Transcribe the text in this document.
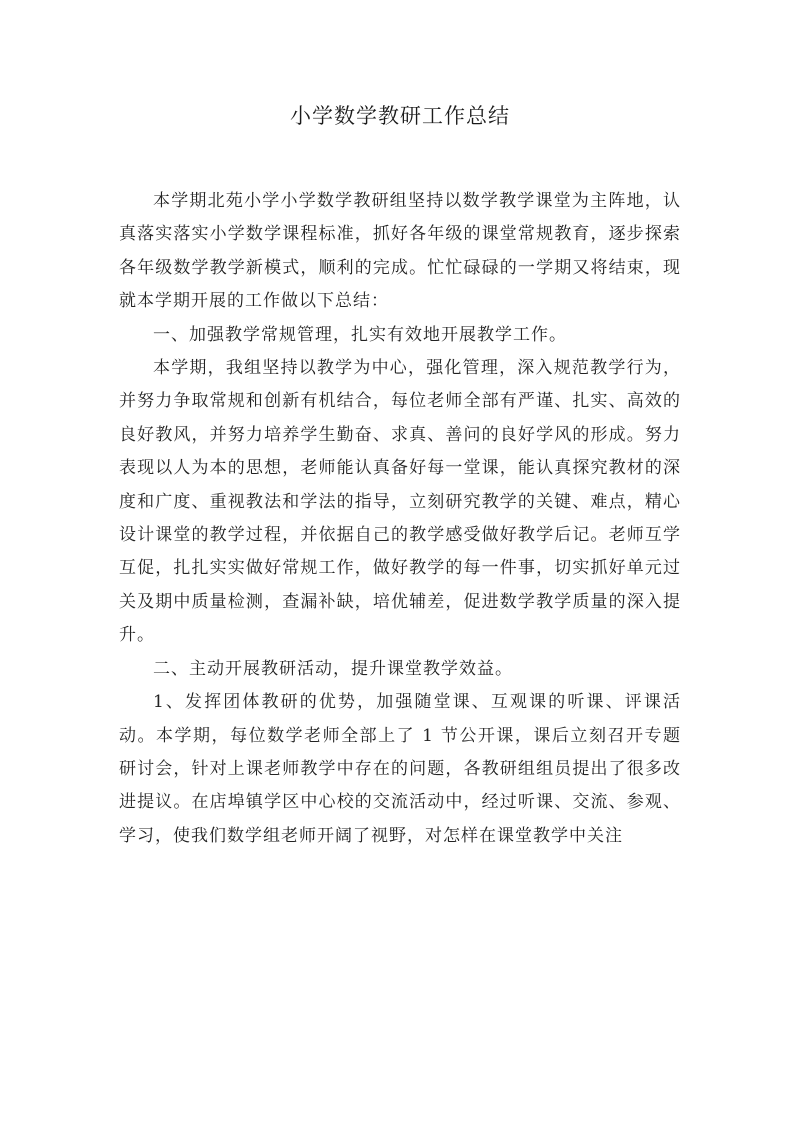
小学数学教研工作总结

本学期北苑小学小学数学教研组坚持以数学教学课堂为主阵地，认真落实落实小学数学课程标准，抓好各年级的课堂常规教育，逐步探索各年级数学教学新模式，顺利的完成。忙忙碌碌的一学期又将结束，现就本学期开展的工作做以下总结：

一、加强教学常规管理，扎实有效地开展教学工作。

本学期，我组坚持以教学为中心，强化管理，深入规范教学行为，并努力争取常规和创新有机结合，每位老师全部有严谨、扎实、高效的良好教风，并努力培养学生勤奋、求真、善问的良好学风的形成。努力表现以人为本的思想，老师能认真备好每一堂课，能认真探究教材的深度和广度、重视教法和学法的指导，立刻研究教学的关键、难点，精心设计课堂的教学过程，并依据自己的教学感受做好教学后记。老师互学互促，扎扎实实做好常规工作，做好教学的每一件事，切实抓好单元过关及期中质量检测，查漏补缺，培优辅差，促进数学教学质量的深入提升。

二、主动开展教研活动，提升课堂教学效益。

1、发挥团体教研的优势，加强随堂课、互观课的听课、评课活动。本学期，每位数学老师全部上了 1 节公开课，课后立刻召开专题研讨会，针对上课老师教学中存在的问题，各教研组组员提出了很多改进提议。在店埠镇学区中心校的交流活动中，经过听课、交流、参观、学习，使我们数学组老师开阔了视野，对怎样在课堂教学中关注
